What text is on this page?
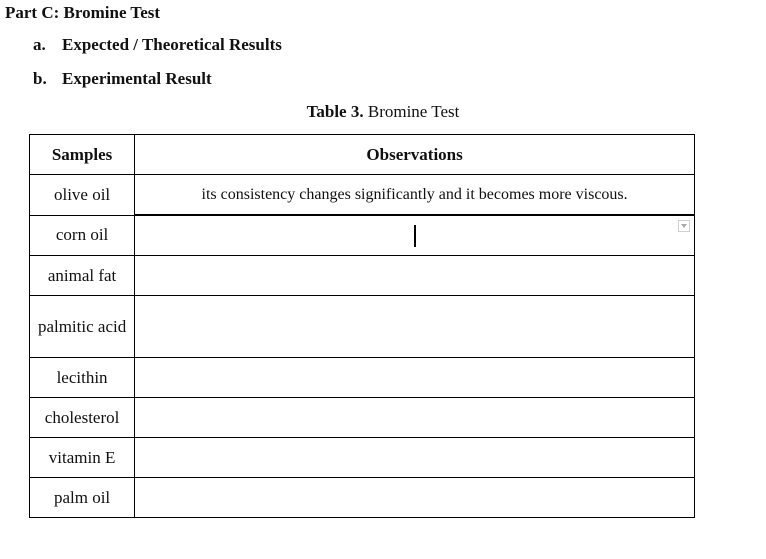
Part C: Bromine Test
a. Expected / Theoretical Results
b. Experimental Result

Table 3. Bromine Test

Samples	Observations
olive oil	its consistency changes significantly and it becomes more viscous.
corn oil	

animal fat	
palmitic acid	
lecithin	
cholesterol	
vitamin E	
palm oil	
